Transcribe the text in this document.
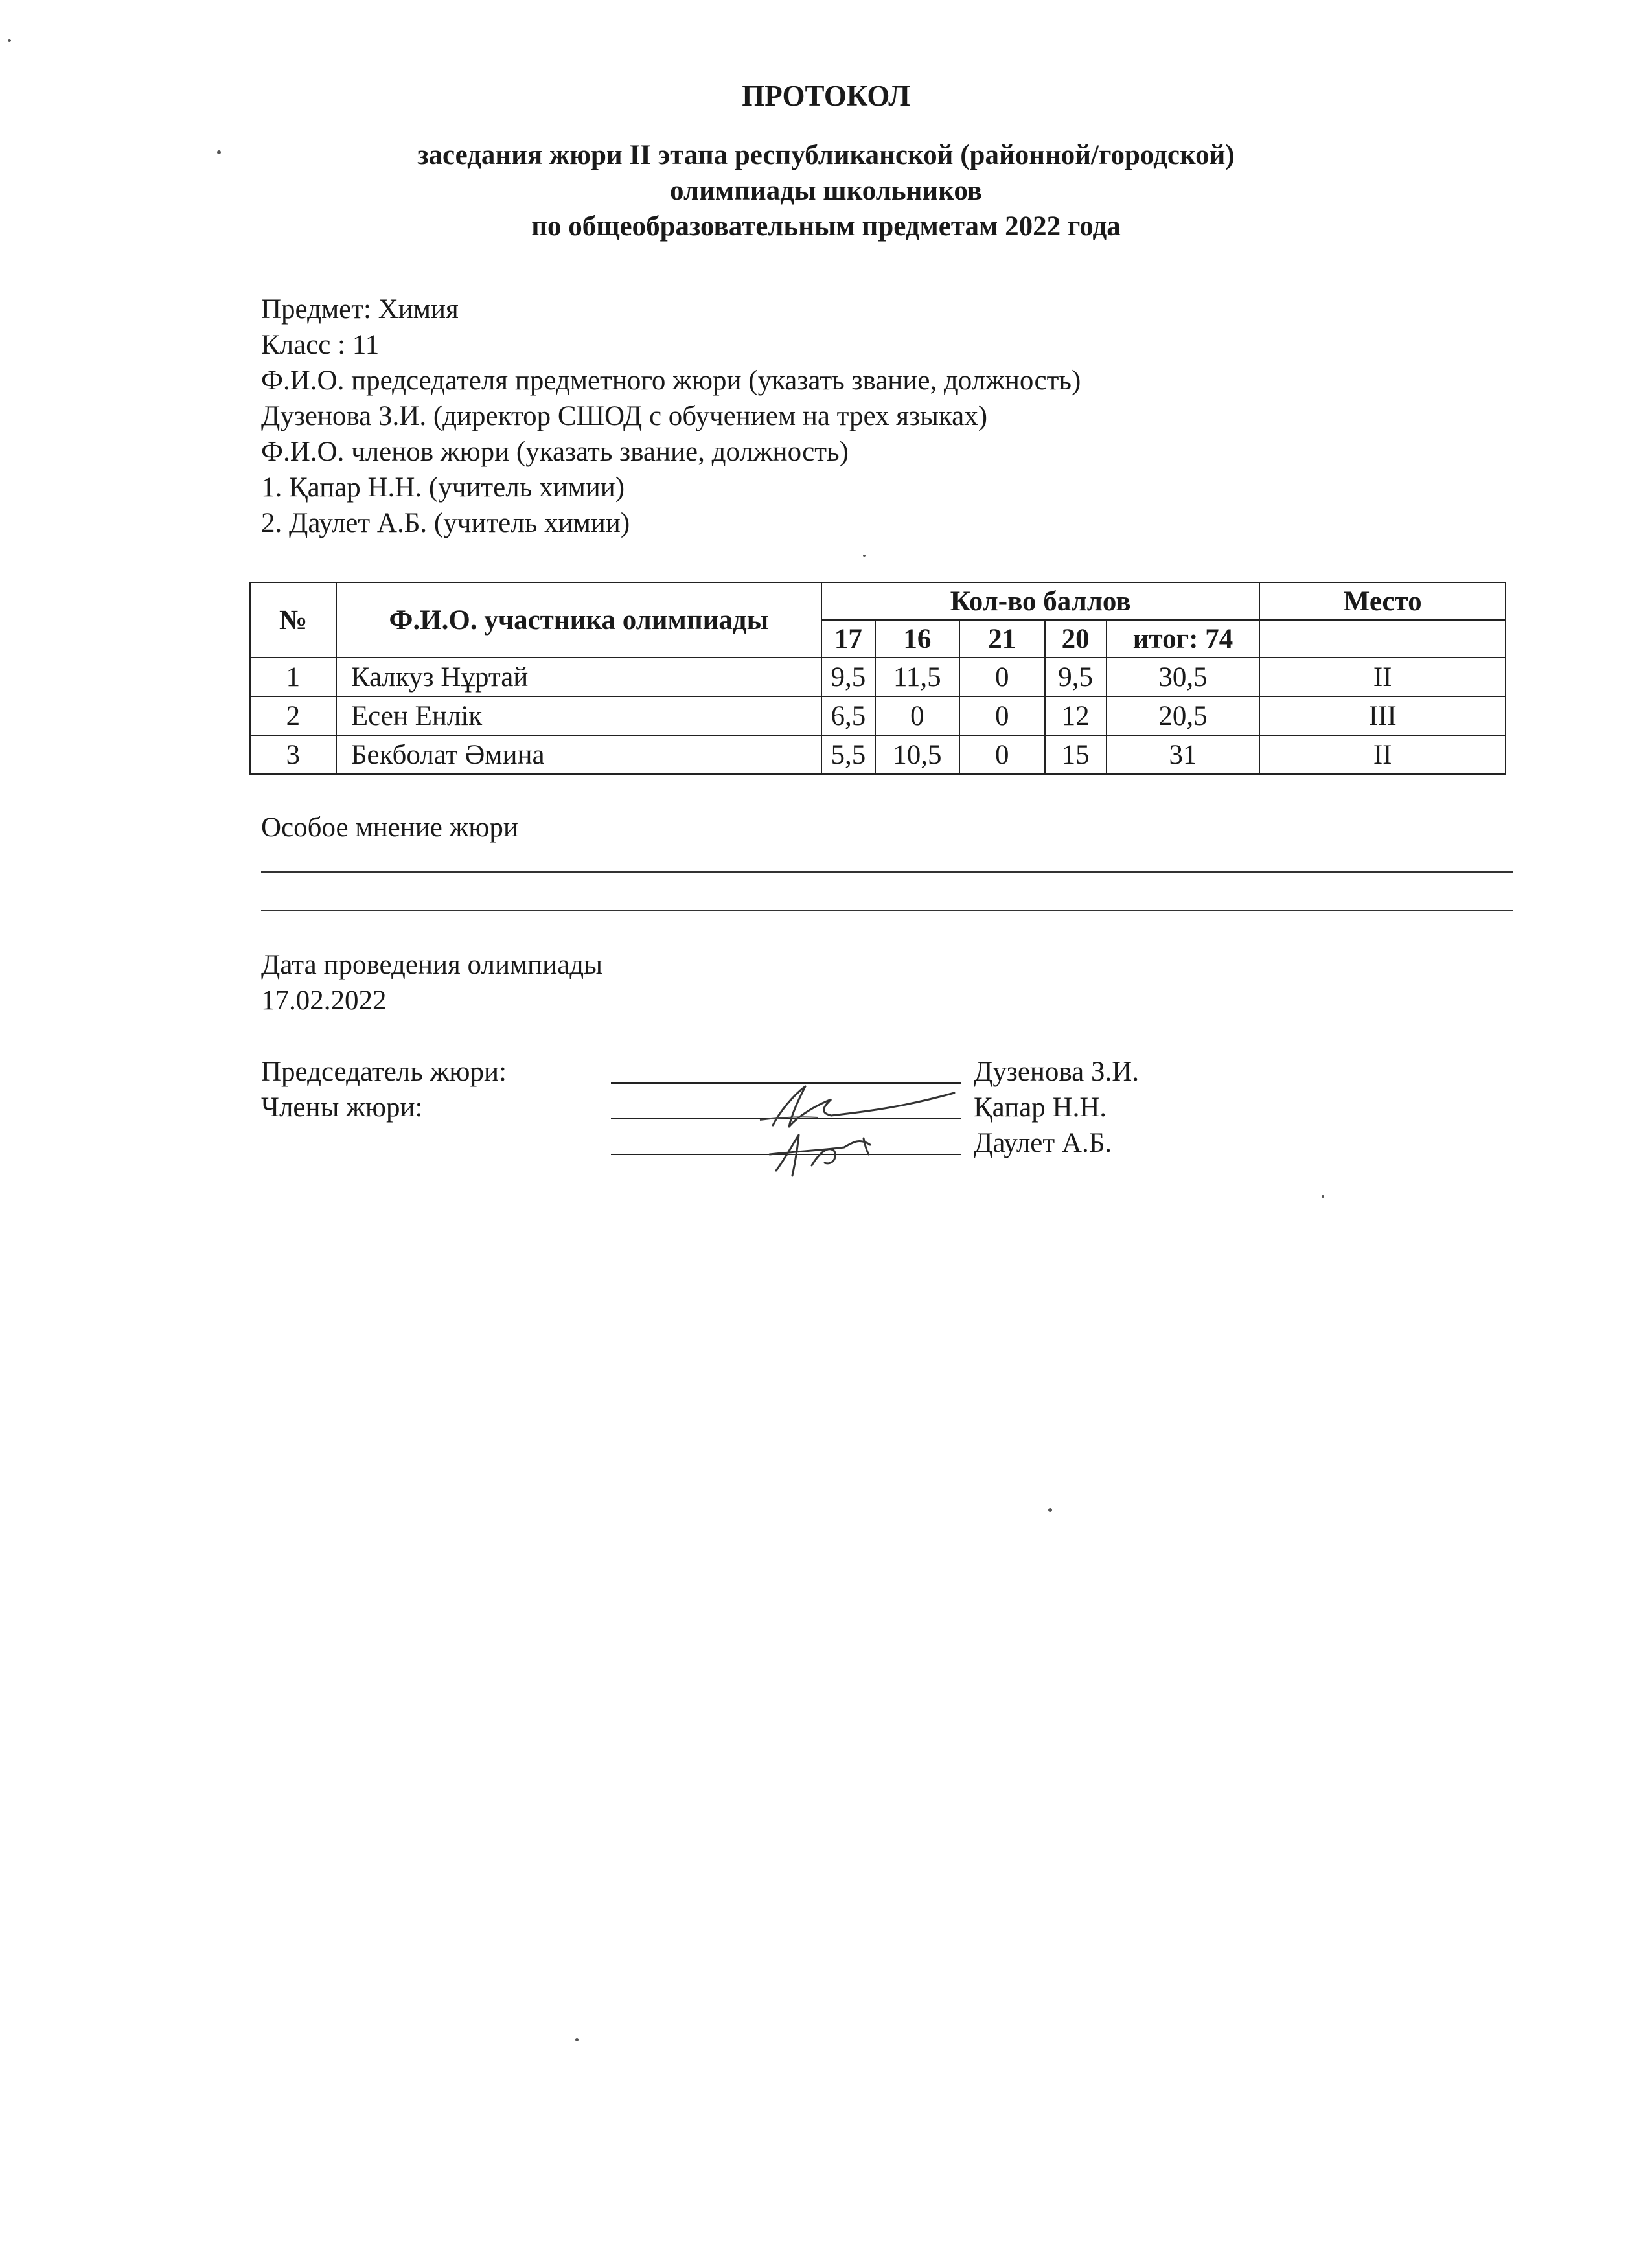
ПРОТОКОЛ
заседания жюри II этапа республиканской (районной/городской)
олимпиады школьников
по общеобразовательным предметам 2022 года
Предмет: Химия
Класс : 11
Ф.И.О. председателя предметного жюри (указать звание, должность)
Дузенова З.И. (директор СШОД с обучением на трех языках)
Ф.И.О. членов жюри (указать звание, должность)
1. Қапар Н.Н. (учитель химии)
2. Даулет А.Б. (учитель химии)
№	Ф.И.О. участника олимпиады	Кол-во баллов					Место
		17	16	21	20	итог: 74	
1	Калкуз Нұртай	9,5	11,5	0	9,5	30,5	II
2	Есен Енлік	6,5	0	0	12	20,5	III
3	Бекболат Әмина	5,5	10,5	0	15	31	II
Особое мнение жюри
Дата проведения олимпиады
17.02.2022
Председатель жюри:	Дузенова З.И.
Члены жюри:	Қапар Н.Н.
Даулет А.Б.
